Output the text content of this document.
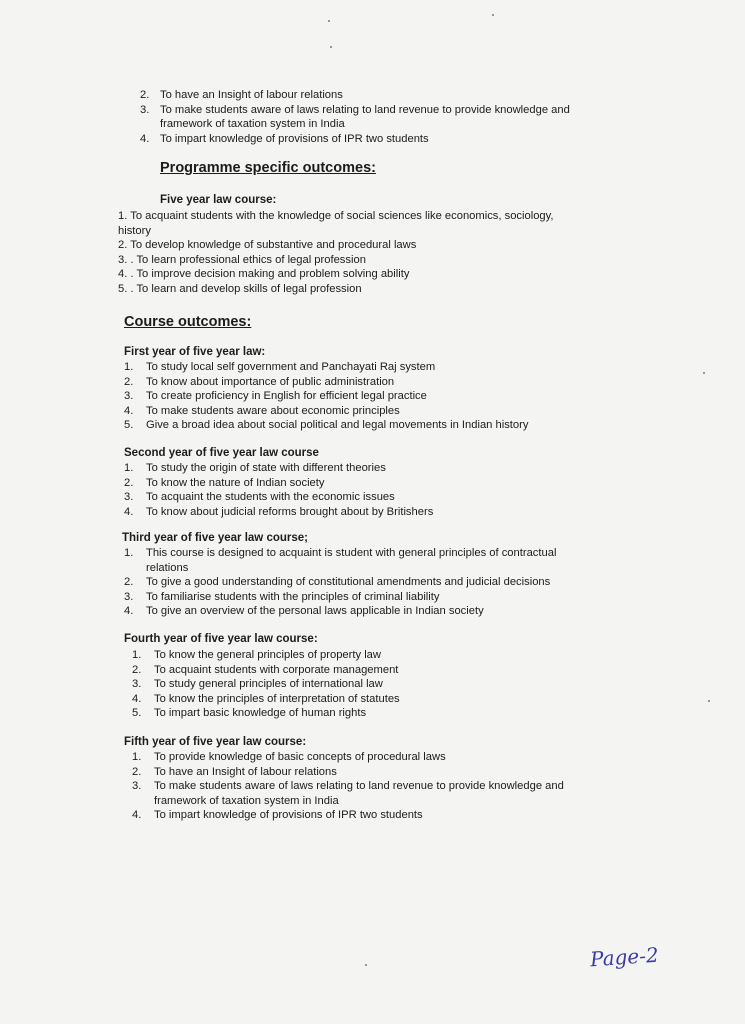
2. To have an Insight of labour relations
3. To make students aware of laws relating to land revenue to provide knowledge and
framework of taxation system in India
4. To impart knowledge of provisions of IPR two students
Programme specific outcomes:
Five year law course:
1. To acquaint students with the knowledge of social sciences like economics, sociology,
history
2. To develop knowledge of substantive and procedural laws
3. . To learn professional ethics of legal profession
4. . To improve decision making and problem solving ability
5. . To learn and develop skills of legal profession
Course outcomes:
First year of five year law:
1. To study local self government and Panchayati Raj system
2. To know about importance of public administration
3. To create proficiency in English for efficient legal practice
4. To make students aware about economic principles
5. Give a broad idea about social political and legal movements in Indian history
Second year of five year law course
1. To study the origin of state with different theories
2. To know the nature of Indian society
3. To acquaint the students with the economic issues
4. To know about judicial reforms brought about by Britishers
Third year of five year law course;
1. This course is designed to acquaint is student with general principles of contractual
relations
2. To give a good understanding of constitutional amendments and judicial decisions
3. To familiarise students with the principles of criminal liability
4. To give an overview of the personal laws applicable in Indian society
Fourth year of five year law course:
1. To know the general principles of property law
2. To acquaint students with corporate management
3. To study general principles of international law
4. To know the principles of interpretation of statutes
5. To impart basic knowledge of human rights
Fifth year of five year law course:
1. To provide knowledge of basic concepts of procedural laws
2. To have an Insight of labour relations
3. To make students aware of laws relating to land revenue to provide knowledge and
framework of taxation system in India
4. To impart knowledge of provisions of IPR two students
Page-2
